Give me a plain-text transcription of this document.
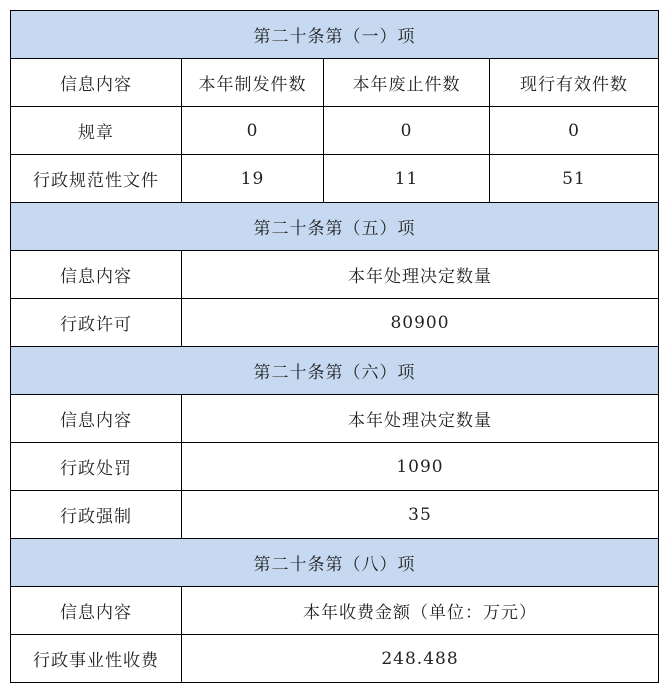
第二十条第（一）项			
信息内容	本年制发件数	本年废止件数	现行有效件数
规章	0	0	0
行政规范性文件	19	11	51
第二十条第（五）项			
信息内容	本年处理决定数量		
行政许可	80900		
第二十条第（六）项			
信息内容	本年处理决定数量		
行政处罚	1090		
行政强制	35		
第二十条第（八）项			
信息内容	本年收费金额（单位：万元）		
行政事业性收费	248.488		
